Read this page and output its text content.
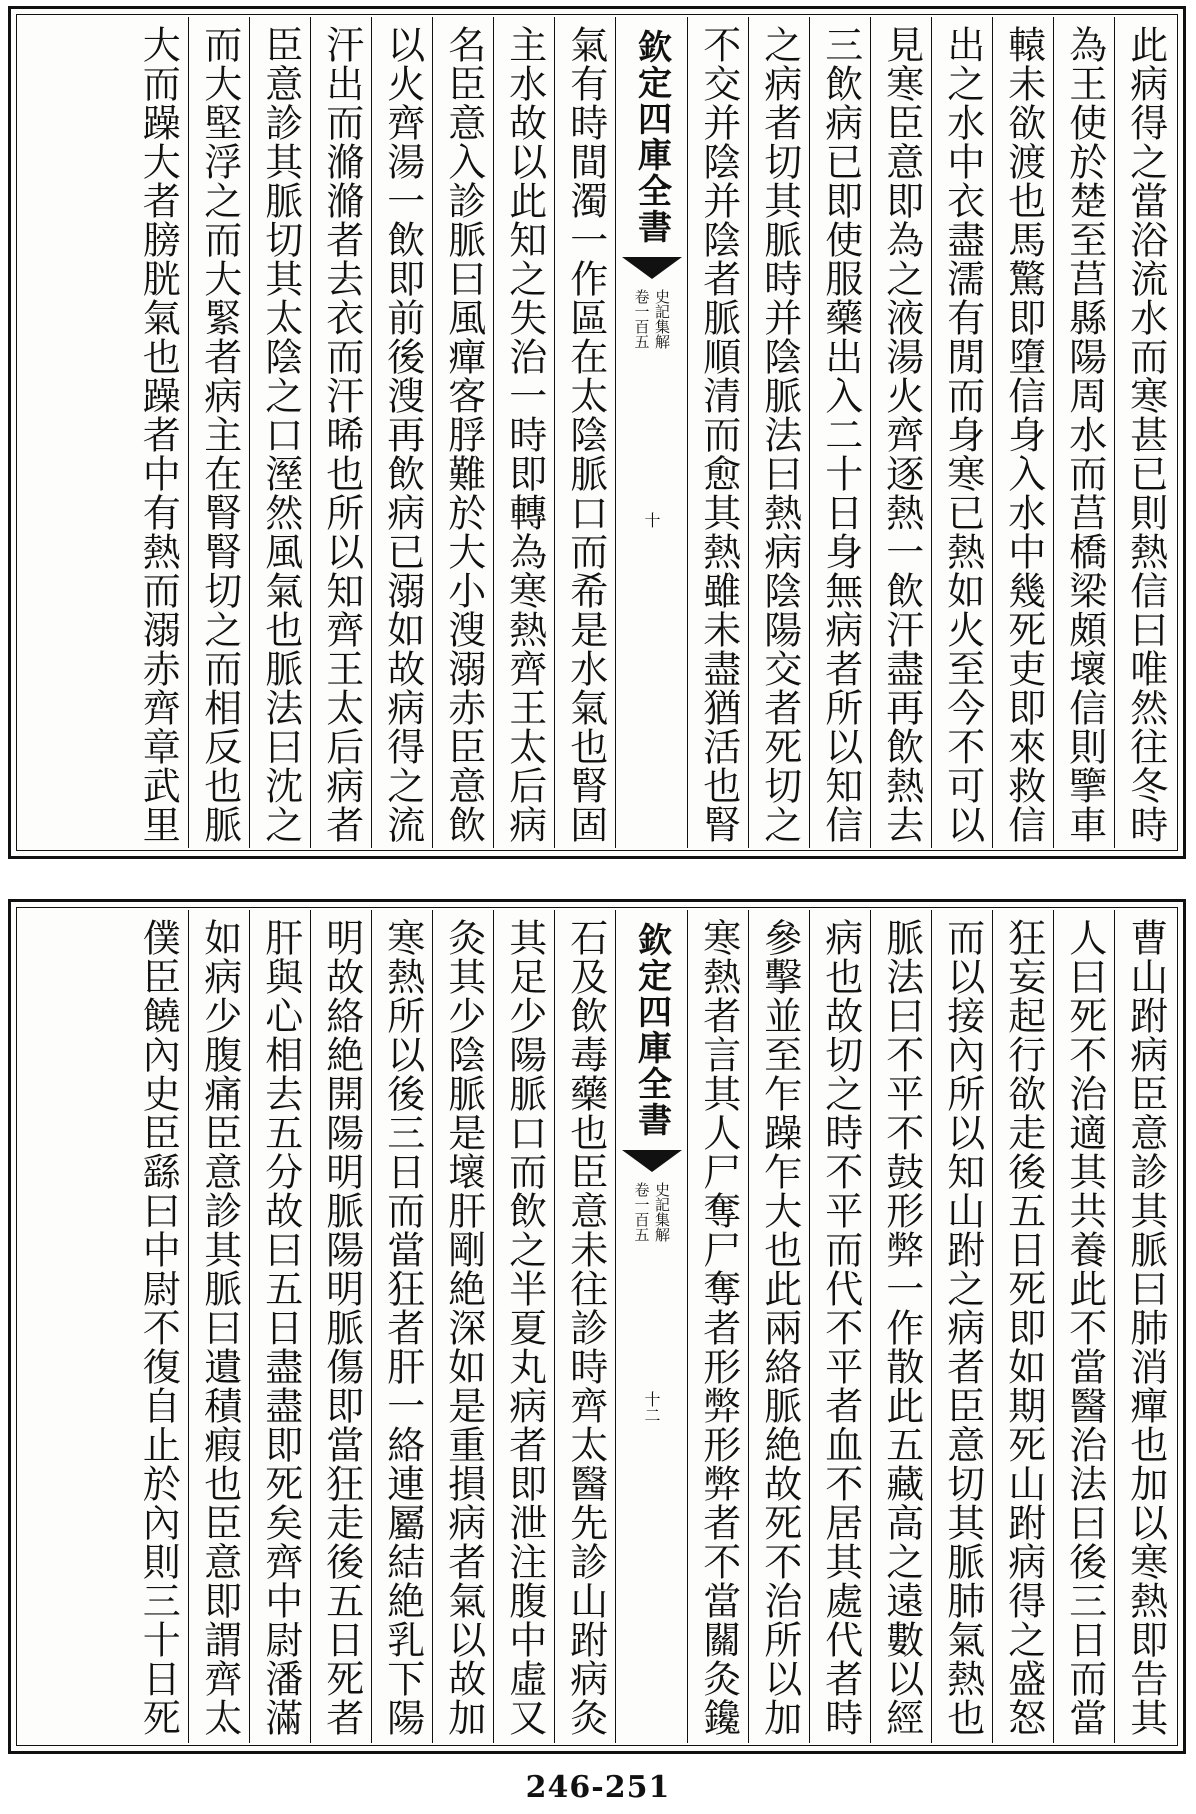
此病得之當浴流水而寒甚已則熱信曰唯然往冬時
為王使於楚至莒縣陽周水而莒橋梁頗壞信則擥車
轅未欲渡也馬驚即墮信身入水中幾死吏即來救信
出之水中衣盡濡有閒而身寒已熱如火至今不可以
見寒臣意即為之液湯火齊逐熱一飲汗盡再飲熱去
三飲病已即使服藥出入二十日身無病者所以知信
之病者切其脈時并陰脈法曰熱病陰陽交者死切之
不交并陰并陰者脈順清而愈其熱雖未盡猶活也腎
欽定四庫全書
史記集解
卷一百五
十
氣有時間濁一作區在太陰脈口而希是水氣也腎固
主水故以此知之失治一時即轉為寒熱齊王太后病
名臣意入診脈曰風癉客脬難於大小溲溺赤臣意飲
以火齊湯一飲即前後溲再飲病已溺如故病得之流
汗出而滫滫者去衣而汗晞也所以知齊王太后病者
臣意診其脈切其太陰之口溼然風氣也脈法曰沈之
而大堅浮之而大緊者病主在腎腎切之而相反也脈
大而躁大者膀胱氣也躁者中有熱而溺赤齊章武里
曹山跗病臣意診其脈曰肺消癉也加以寒熱即告其
人曰死不治適其共養此不當醫治法曰後三日而當
狂妄起行欲走後五日死即如期死山跗病得之盛怒
而以接內所以知山跗之病者臣意切其脈肺氣熱也
脈法曰不平不鼓形弊一作散此五藏高之遠數以經
病也故切之時不平而代不平者血不居其處代者時
參擊並至乍躁乍大也此兩絡脈絶故死不治所以加
寒熱者言其人尸奪尸奪者形弊形弊者不當關灸鑱
欽定四庫全書
史記集解
卷一百五
十二
石及飲毒藥也臣意未往診時齊太醫先診山跗病灸
其足少陽脈口而飲之半夏丸病者即泄注腹中虛又
灸其少陰脈是壞肝剛絶深如是重損病者氣以故加
寒熱所以後三日而當狂者肝一絡連屬結絶乳下陽
明故絡絶開陽明脈陽明脈傷即當狂走後五日死者
肝與心相去五分故曰五日盡盡即死矣齊中尉潘滿
如病少腹痛臣意診其脈曰遺積瘕也臣意即謂齊太
僕臣饒內史臣繇曰中尉不復自止於內則三十日死
246-251
